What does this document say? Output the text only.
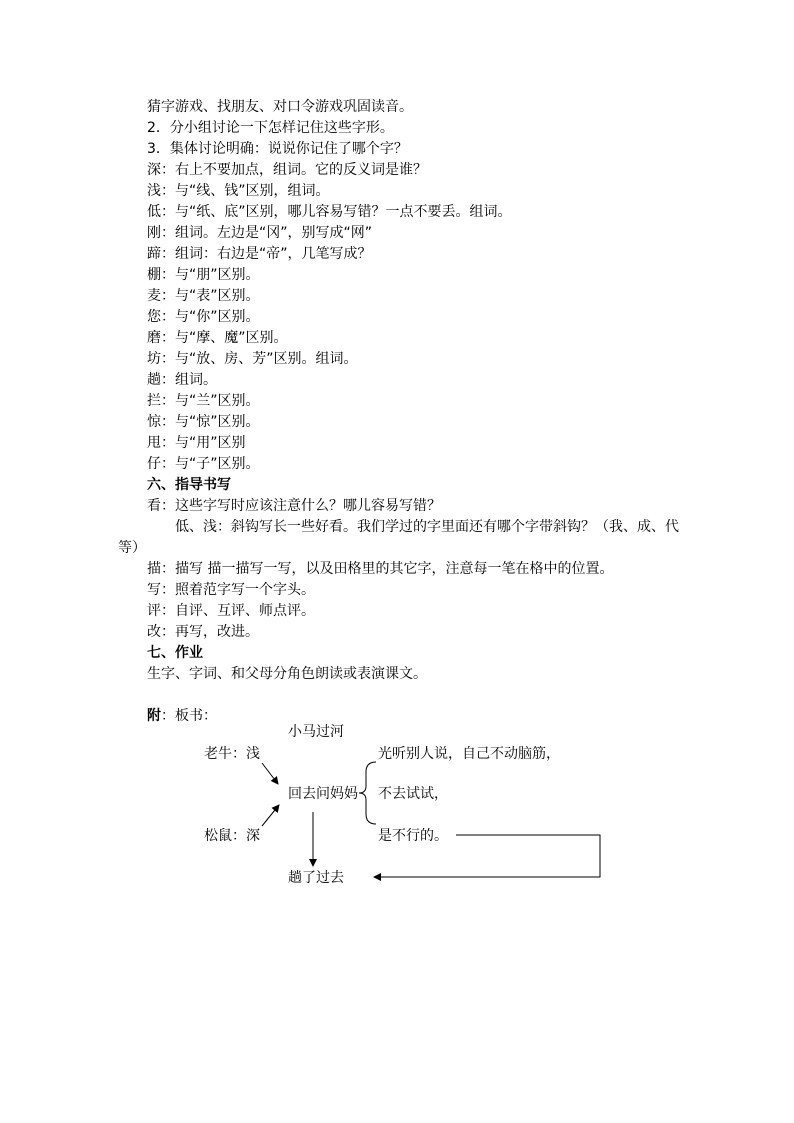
猜字游戏、找朋友、对口令游戏巩固读音。
2．分小组讨论一下怎样记住这些字形。
3．集体讨论明确：说说你记住了哪个字？
深：右上不要加点，组词。它的反义词是谁？
浅：与“线、钱”区别，组词。
低：与“纸、底”区别，哪儿容易写错？一点不要丢。组词。
刚：组词。左边是“冈”，别写成“网”
蹄：组词：右边是“帝”，几笔写成？
棚：与“朋”区别。
麦：与“表”区别。
您：与“你”区别。
磨：与“摩、魔”区别。
坊：与“放、房、芳”区别。组词。
趟：组词。
拦：与“兰”区别。
惊：与“惊”区别。
甩：与“用”区别
仔：与“子”区别。
六、指导书写
看：这些字写时应该注意什么？哪儿容易写错？
低、浅：斜钩写长一些好看。我们学过的字里面还有哪个字带斜钩？（我、成、代
等）
描：描写 描一描写一写，以及田格里的其它字，注意每一笔在格中的位置。
写：照着范字写一个字头。
评：自评、互评、师点评。
改：再写，改进。
七、作业
生字、字词、和父母分角色朗读或表演课文。
附：板书：
小马过河
老牛：浅
回去问妈妈
松鼠：深
趟了过去
光听别人说，自己不动脑筋，
不去试试，
是不行的。
